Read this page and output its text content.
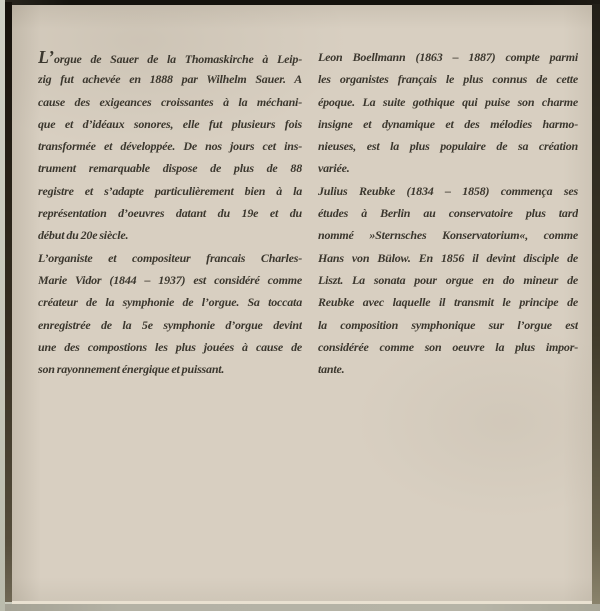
L’orgue de Sauer de la Thomaskirche à Leip-
zig fut achevée en 1888 par Wilhelm Sauer. A
cause des exigeances croissantes à la méchani-
que et d’idéaux sonores, elle fut plusieurs fois
transformée et développée. De nos jours cet ins-
trument remarquable dispose de plus de 88
registre et s’adapte particulièrement bien à la
représentation d’oeuvres datant du 19e et du
début du 20e siècle.
L’organiste et compositeur francais Charles-
Marie Vidor (1844 – 1937) est considéré comme
créateur de la symphonie de l’orgue. Sa toccata
enregistrée de la 5e symphonie d’orgue devint
une des compostions les plus jouées à cause de
son rayonnement énergique et puissant.
Leon Boellmann (1863 – 1887) compte parmi
les organistes français le plus connus de cette
époque. La suite gothique qui puise son charme
insigne et dynamique et des mélodies harmo-
nieuses, est la plus populaire de sa création
variée.
Julius Reubke (1834 – 1858) commença ses
études à Berlin au conservatoire plus tard
nommé »Sternsches Konservatorium«, comme
Hans von Bülow. En 1856 il devint disciple de
Liszt. La sonata pour orgue en do mineur de
Reubke avec laquelle il transmit le principe de
la composition symphonique sur l’orgue est
considérée comme son oeuvre la plus impor-
tante.
